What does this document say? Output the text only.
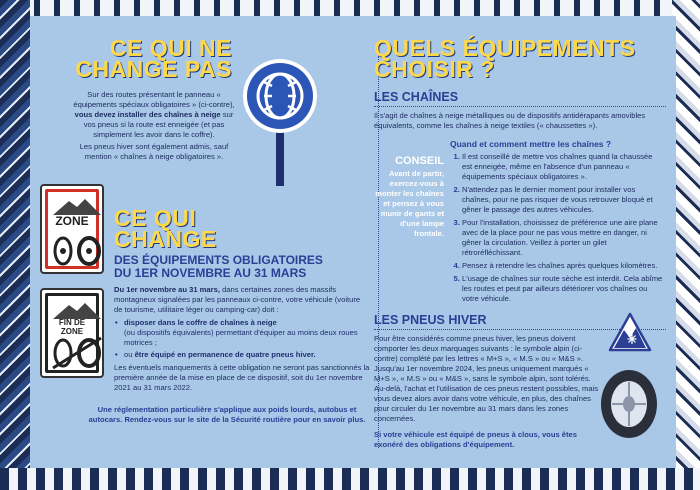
CE QUI NE
CHANGE PAS

Sur des routes présentant le panneau « équipements spéciaux obligatoires » (ci-contre), vous devez installer des chaînes à neige sur vos pneus si la route est enneigée (et pas simplement les avoir dans le coffre).

Les pneus hiver sont également admis, sauf mention « chaînes à neige obligatoires ».

ZONE
FIN DE ZONE
CE QUI
CHANGE
DES ÉQUIPEMENTS OBLIGATOIRES
DU 1ER NOVEMBRE AU 31 MARS

Du 1er novembre au 31 mars, dans certaines zones des massifs montagneux signalées par les panneaux ci-contre, votre véhicule (voiture de tourisme, utilitaire léger ou camping-car) doit :

• disposer dans le coffre de chaînes à neige
(ou dispositifs équivalents) permettant d'équiper au moins deux roues motrices ;
• ou être équipé en permanence de quatre pneus hiver.

Les éventuels manquements à cette obligation ne seront pas sanctionnés la première année de la mise en place de ce dispositif, soit du 1er novembre 2021 au 31 mars 2022.

Une réglementation particulière s'applique aux poids lourds, autobus et autocars. Rendez-vous sur le site de la Sécurité routière pour en savoir plus.

QUELS ÉQUIPEMENTS
CHOISIR ?
LES CHAÎNES

Il s'agit de chaînes à neige métalliques ou de dispositifs antidérapants amovibles équivalents, comme les chaînes à neige textiles (« chaussettes »).

CONSEIL

Avant de partir, exercez-vous à monter les chaînes et pensez à vous munir de gants et d'une lampe frontale.

Quand et comment mettre les chaînes ?
1. Il est conseillé de mettre vos chaînes quand la chaussée est enneigée, même en l'absence d'un panneau « équipements spéciaux obligatoires ».
2. N'attendez pas le dernier moment pour installer vos chaînes, pour ne pas risquer de vous retrouver bloqué et gêner le passage des autres véhicules.
3. Pour l'installation, choisissez de préférence une aire plane avec de la place pour ne pas vous mettre en danger, ni gêner la circulation. Veillez à porter un gilet rétroréfléchissant.
4. Pensez à retendre les chaînes après quelques kilomètres.
5. L'usage de chaînes sur route sèche est interdit. Cela abîme les routes et peut par ailleurs détériorer vos chaînes ou votre véhicule.
LES PNEUS HIVER

Pour être considérés comme pneus hiver, les pneus doivent comporter les deux marquages suivants : le symbole alpin (ci-contre) complété par les lettres « M+S », « M.S » ou « M&S ».

Jusqu'au 1er novembre 2024, les pneus uniquement marqués « M+S », « M.S » ou « M&S », sans le symbole alpin, sont tolérés. Au-delà, l'achat et l'utilisation de ces pneus restent possibles, mais vous devez alors avoir dans votre véhicule, en plus, des chaînes pour circuler du 1er novembre au 31 mars dans les zones concernées.

Si votre véhicule est équipé de pneus à clous, vous êtes exonéré des obligations d'équipement.
